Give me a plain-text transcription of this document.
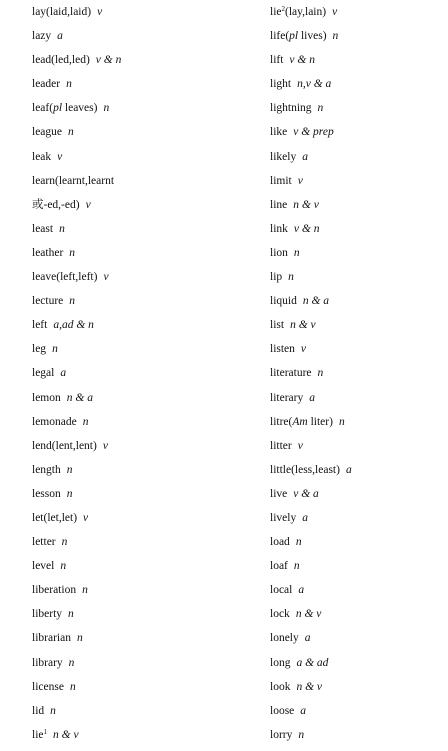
lay(laid,laid) v
lazy a
lead(led,led) v & n
leader n
leaf(pl leaves) n
league n
leak v
learn(learnt,learnt
或-ed,-ed) v
least n
leather n
leave(left,left) v
lecture n
left a,ad & n
leg n
legal a
lemon n & a
lemonade n
lend(lent,lent) v
length n
lesson n
let(let,let) v
letter n
level n
liberation n
liberty n
librarian n
library n
license n
lid n
lie$^1$ n & v
lie$^2$(lay,lain) v
life(pl lives) n
lift v & n
light n,v & a
lightning n
like v & prep
likely a
limit v
line n & v
link v & n
lion n
lip n
liquid n & a
list n & v
listen v
literature n
literary a
litre(Am liter) n
litter v
little(less,least) a
live v & a
lively a
load n
loaf n
local a
lock n & v
lonely a
long a & ad
look n & v
loose a
lorry n
